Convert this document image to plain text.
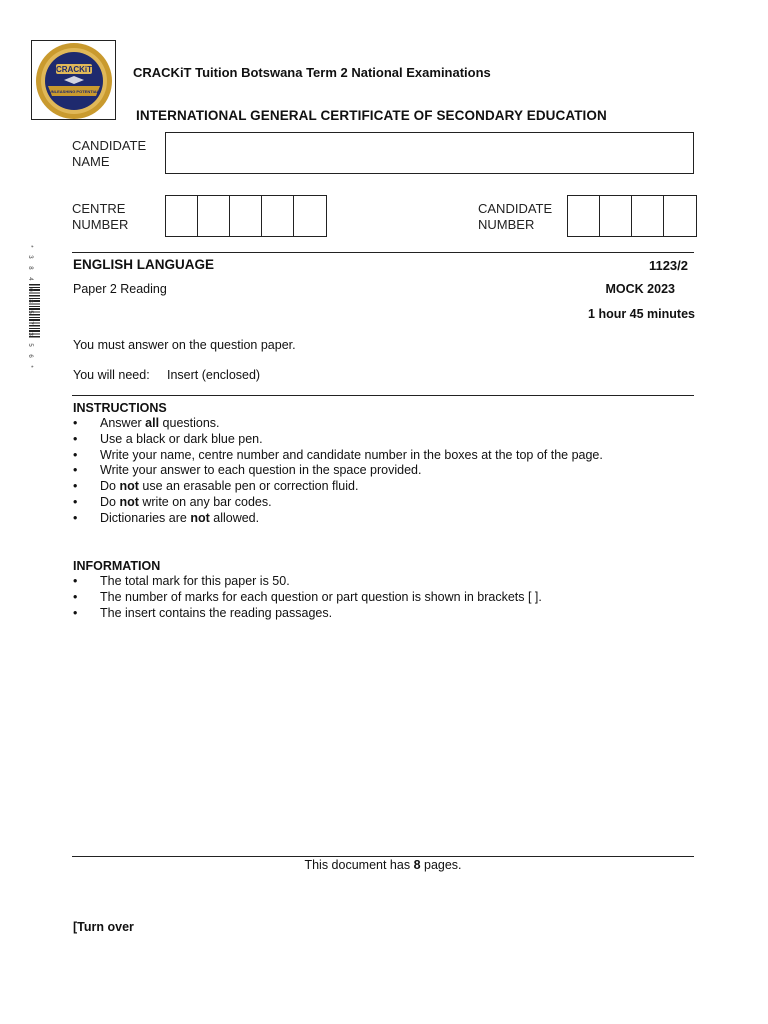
CRACKiT
UNLEASHING POTENTIAL
CRACKiT Tuition Botswana Term 2 National Examinations
INTERNATIONAL GENERAL CERTIFICATE OF SECONDARY EDUCATION
CANDIDATE
NAME
CENTRE
NUMBER
CANDIDATE
NUMBER
* 3 8 4 0 8 5 7 3 5 6 *	ENGLISH LANGUAGE	1123/2
Paper 2 Reading	MOCK 2023
1 hour 45 minutes
You must answer on the question paper.
You will need: Insert (enclosed)
INSTRUCTIONS
• Answer all questions.
• Use a black or dark blue pen.
• Write your name, centre number and candidate number in the boxes at the top of the page.
• Write your answer to each question in the space provided.
• Do not use an erasable pen or correction fluid.
• Do not write on any bar codes.
• Dictionaries are not allowed.
INFORMATION
• The total mark for this paper is 50.
• The number of marks for each question or part question is shown in brackets [ ].
• The insert contains the reading passages.
This document has 8 pages.
[Turn over
